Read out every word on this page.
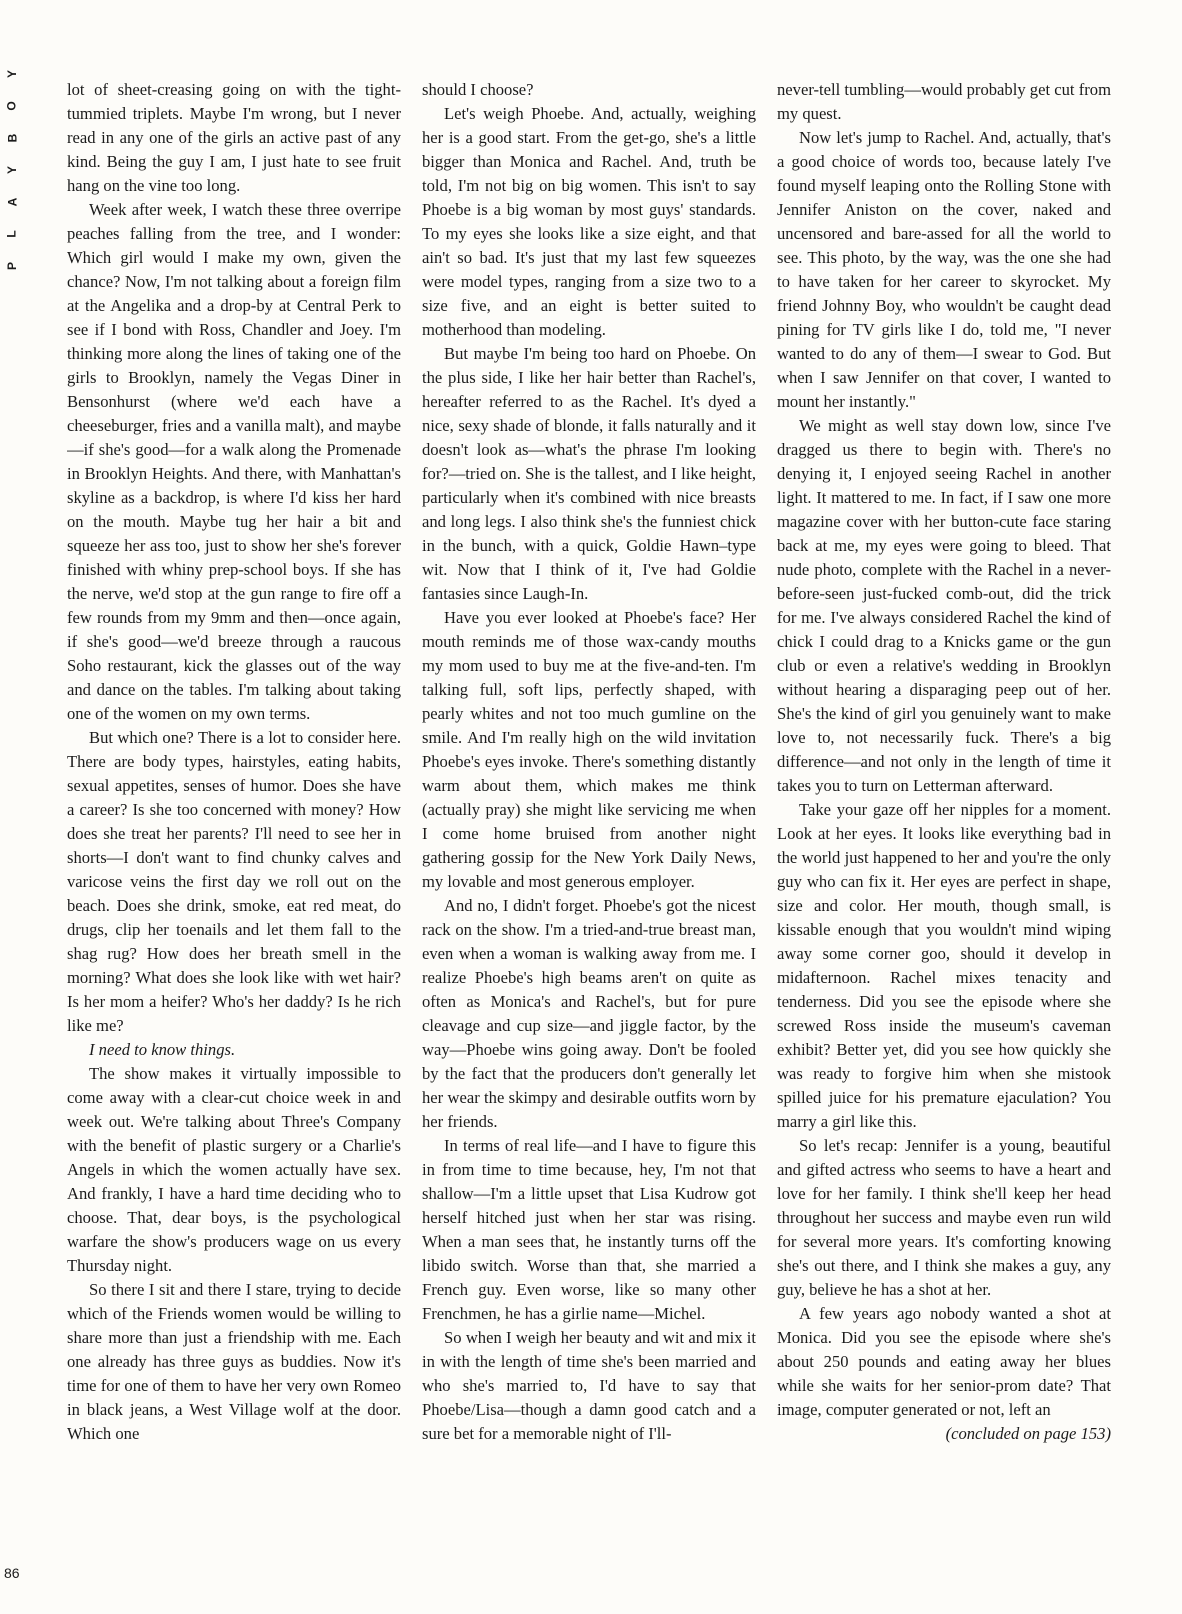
Y
O
B
Y
A
L
P
86

lot of sheet-creasing going on with the tight-tummied triplets. Maybe I'm wrong, but I never read in any one of the girls an active past of any kind. Being the guy I am, I just hate to see fruit hang on the vine too long.

Week after week, I watch these three overripe peaches falling from the tree, and I wonder: Which girl would I make my own, given the chance? Now, I'm not talking about a foreign film at the Angelika and a drop-by at Central Perk to see if I bond with Ross, Chandler and Joey. I'm thinking more along the lines of taking one of the girls to Brooklyn, namely the Vegas Diner in Bensonhurst (where we'd each have a cheeseburger, fries and a vanilla malt), and maybe—if she's good—for a walk along the Promenade in Brooklyn Heights. And there, with Manhattan's skyline as a backdrop, is where I'd kiss her hard on the mouth. Maybe tug her hair a bit and squeeze her ass too, just to show her she's forever finished with whiny prep-school boys. If she has the nerve, we'd stop at the gun range to fire off a few rounds from my 9mm and then—once again, if she's good—we'd breeze through a raucous Soho restaurant, kick the glasses out of the way and dance on the tables. I'm talking about taking one of the women on my own terms.

But which one? There is a lot to consider here. There are body types, hairstyles, eating habits, sexual appetites, senses of humor. Does she have a career? Is she too concerned with money? How does she treat her parents? I'll need to see her in shorts—I don't want to find chunky calves and varicose veins the first day we roll out on the beach. Does she drink, smoke, eat red meat, do drugs, clip her toenails and let them fall to the shag rug? How does her breath smell in the morning? What does she look like with wet hair? Is her mom a heifer? Who's her daddy? Is he rich like me?

I need to know things.

The show makes it virtually impossible to come away with a clear-cut choice week in and week out. We're talking about Three's Company with the benefit of plastic surgery or a Charlie's Angels in which the women actually have sex. And frankly, I have a hard time deciding who to choose. That, dear boys, is the psychological warfare the show's producers wage on us every Thursday night.

So there I sit and there I stare, trying to decide which of the Friends women would be willing to share more than just a friendship with me. Each one already has three guys as buddies. Now it's time for one of them to have her very own Romeo in black jeans, a West Village wolf at the door. Which one

should I choose?

Let's weigh Phoebe. And, actually, weighing her is a good start. From the get-go, she's a little bigger than Monica and Rachel. And, truth be told, I'm not big on big women. This isn't to say Phoebe is a big woman by most guys' standards. To my eyes she looks like a size eight, and that ain't so bad. It's just that my last few squeezes were model types, ranging from a size two to a size five, and an eight is better suited to motherhood than modeling.

But maybe I'm being too hard on Phoebe. On the plus side, I like her hair better than Rachel's, hereafter referred to as the Rachel. It's dyed a nice, sexy shade of blonde, it falls naturally and it doesn't look as—what's the phrase I'm looking for?—tried on. She is the tallest, and I like height, particularly when it's combined with nice breasts and long legs. I also think she's the funniest chick in the bunch, with a quick, Goldie Hawn–type wit. Now that I think of it, I've had Goldie fantasies since Laugh-In.

Have you ever looked at Phoebe's face? Her mouth reminds me of those wax-candy mouths my mom used to buy me at the five-and-ten. I'm talking full, soft lips, perfectly shaped, with pearly whites and not too much gumline on the smile. And I'm really high on the wild invitation Phoebe's eyes invoke. There's something distantly warm about them, which makes me think (actually pray) she might like servicing me when I come home bruised from another night gathering gossip for the New York Daily News, my lovable and most generous employer.

And no, I didn't forget. Phoebe's got the nicest rack on the show. I'm a tried-and-true breast man, even when a woman is walking away from me. I realize Phoebe's high beams aren't on quite as often as Monica's and Rachel's, but for pure cleavage and cup size—and jiggle factor, by the way—Phoebe wins going away. Don't be fooled by the fact that the producers don't generally let her wear the skimpy and desirable outfits worn by her friends.

In terms of real life—and I have to figure this in from time to time because, hey, I'm not that shallow—I'm a little upset that Lisa Kudrow got herself hitched just when her star was rising. When a man sees that, he instantly turns off the libido switch. Worse than that, she married a French guy. Even worse, like so many other Frenchmen, he has a girlie name—Michel.

So when I weigh her beauty and wit and mix it in with the length of time she's been married and who she's married to, I'd have to say that Phoebe/Lisa—though a damn good catch and a sure bet for a memorable night of I'll-

never-tell tumbling—would probably get cut from my quest.

Now let's jump to Rachel. And, actually, that's a good choice of words too, because lately I've found myself leaping onto the Rolling Stone with Jennifer Aniston on the cover, naked and uncensored and bare-assed for all the world to see. This photo, by the way, was the one she had to have taken for her career to skyrocket. My friend Johnny Boy, who wouldn't be caught dead pining for TV girls like I do, told me, "I never wanted to do any of them—I swear to God. But when I saw Jennifer on that cover, I wanted to mount her instantly."

We might as well stay down low, since I've dragged us there to begin with. There's no denying it, I enjoyed seeing Rachel in another light. It mattered to me. In fact, if I saw one more magazine cover with her button-cute face staring back at me, my eyes were going to bleed. That nude photo, complete with the Rachel in a never-before-seen just-fucked comb-out, did the trick for me. I've always considered Rachel the kind of chick I could drag to a Knicks game or the gun club or even a relative's wedding in Brooklyn without hearing a disparaging peep out of her. She's the kind of girl you genuinely want to make love to, not necessarily fuck. There's a big difference—and not only in the length of time it takes you to turn on Letterman afterward.

Take your gaze off her nipples for a moment. Look at her eyes. It looks like everything bad in the world just happened to her and you're the only guy who can fix it. Her eyes are perfect in shape, size and color. Her mouth, though small, is kissable enough that you wouldn't mind wiping away some corner goo, should it develop in midafternoon. Rachel mixes tenacity and tenderness. Did you see the episode where she screwed Ross inside the museum's caveman exhibit? Better yet, did you see how quickly she was ready to forgive him when she mistook spilled juice for his premature ejaculation? You marry a girl like this.

So let's recap: Jennifer is a young, beautiful and gifted actress who seems to have a heart and love for her family. I think she'll keep her head throughout her success and maybe even run wild for several more years. It's comforting knowing she's out there, and I think she makes a guy, any guy, believe he has a shot at her.

A few years ago nobody wanted a shot at Monica. Did you see the episode where she's about 250 pounds and eating away her blues while she waits for her senior-prom date? That image, computer generated or not, left an

(concluded on page 153)
